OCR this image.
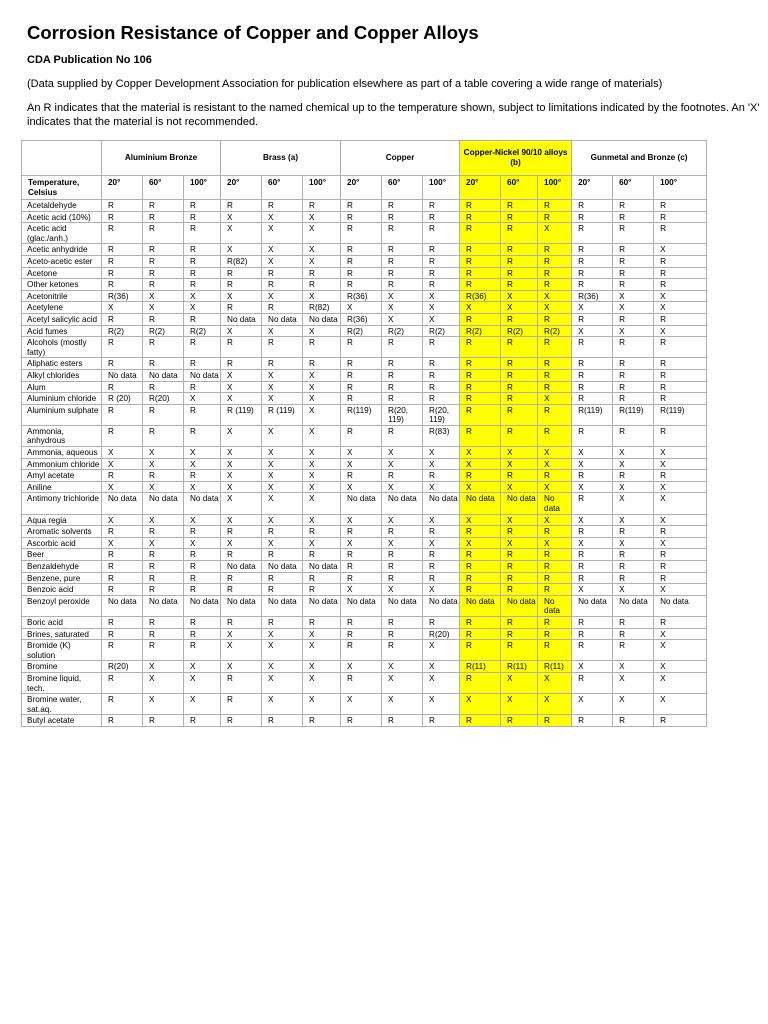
Corrosion Resistance of Copper and Copper Alloys
CDA Publication No 106
(Data supplied by Copper Development Association for publication elsewhere as part of a table covering a wide range of materials)
An R indicates that the material is resistant to the named chemical up to the temperature shown, subject to limitations indicated by the footnotes. An 'X' indicates that the material is not recommended.
	Aluminium Bronze			Brass (a)			Copper			Copper-Nickel 90/10 alloys (b)			Gunmetal and Bronze (c)		
Temperature, Celsius	20°	60°	100°	20°	60°	100°	20°	60°	100°	20°	60°	100°	20°	60°	100°
Acetaldehyde	R	R	R	R	R	R	R	R	R	R	R	R	R	R	R
Acetic acid (10%)	R	R	R	X	X	X	R	R	R	R	R	R	R	R	R
Acetic acid (glac./anh.)	R	R	R	X	X	X	R	R	R	R	R	X	R	R	R
Acetic anhydride	R	R	R	X	X	X	R	R	R	R	R	R	R	R	X
Aceto-acetic ester	R	R	R	R(82)	X	X	R	R	R	R	R	R	R	R	R
Acetone	R	R	R	R	R	R	R	R	R	R	R	R	R	R	R
Other ketones	R	R	R	R	R	R	R	R	R	R	R	R	R	R	R
Acetonitrile	R(36)	X	X	X	X	X	R(36)	X	X	R(36)	X	X	R(36)	X	X
Acetylene	X	X	X	R	R	R(82)	X	X	X	X	X	X	X	X	X
Acetyl salicylic acid	R	R	R	No data	No data	No data	R(36)	X	X	R	R	R	R	R	R
Acid fumes	R(2)	R(2)	R(2)	X	X	X	R(2)	R(2)	R(2)	R(2)	R(2)	R(2)	X	X	X
Alcohols (mostly fatty)	R	R	R	R	R	R	R	R	R	R	R	R	R	R	R
Aliphatic esters	R	R	R	R	R	R	R	R	R	R	R	R	R	R	R
Alkyl chlorides	No data	No data	No data	X	X	X	R	R	R	R	R	R	R	R	R
Alum	R	R	R	X	X	X	R	R	R	R	R	R	R	R	R
Aluminium chloride	R (20)	R(20)	X	X	X	X	R	R	R	R	R	X	R	R	R
Aluminium sulphate	R	R	R	R (119)	R (119)	X	R(119)	R(20, 119)	R(20, 119)	R	R	R	R(119)	R(119)	R(119)
Ammonia, anhydrous	R	R	R	X	X	X	R	R	R(83)	R	R	R	R	R	R
Ammonia, aqueous	X	X	X	X	X	X	X	X	X	X	X	X	X	X	X
Ammonium chloride	X	X	X	X	X	X	X	X	X	X	X	X	X	X	X
Amyl acetate	R	R	R	X	X	X	R	R	R	R	R	R	R	R	R
Aniline	X	X	X	X	X	X	X	X	X	X	X	X	X	X	X
Antimony trichloride	No data	No data	No data	X	X	X	No data	No data	No data	No data	No data	No data	R	X	X
Aqua regia	X	X	X	X	X	X	X	X	X	X	X	X	X	X	X
Aromatic solvents	R	R	R	R	R	R	R	R	R	R	R	R	R	R	R
Ascorbic acid	X	X	X	X	X	X	X	X	X	X	X	X	X	X	X
Beer	R	R	R	R	R	R	R	R	R	R	R	R	R	R	R
Benzaldehyde	R	R	R	No data	No data	No data	R	R	R	R	R	R	R	R	R
Benzene, pure	R	R	R	R	R	R	R	R	R	R	R	R	R	R	R
Benzoic acid	R	R	R	R	R	R	X	X	X	R	R	R	X	X	X
Benzoyl peroxide	No data	No data	No data	No data	No data	No data	No data	No data	No data	No data	No data	No data	No data	No data	No data
Boric acid	R	R	R	R	R	R	R	R	R	R	R	R	R	R	R
Brines, saturated	R	R	R	X	X	X	R	R	R(20)	R	R	R	R	R	X
Bromide (K) solution	R	R	R	X	X	X	R	R	X	R	R	R	R	R	X
Bromine	R(20)	X	X	X	X	X	X	X	X	R(11)	R(11)	R(11)	X	X	X
Bromine liquid, tech.	R	X	X	R	X	X	R	X	X	R	X	X	R	X	X
Bromine water, sat.aq.	R	X	X	R	X	X	X	X	X	X	X	X	X	X	X
Butyl acetate	R	R	R	R	R	R	R	R	R	R	R	R	R	R	R
